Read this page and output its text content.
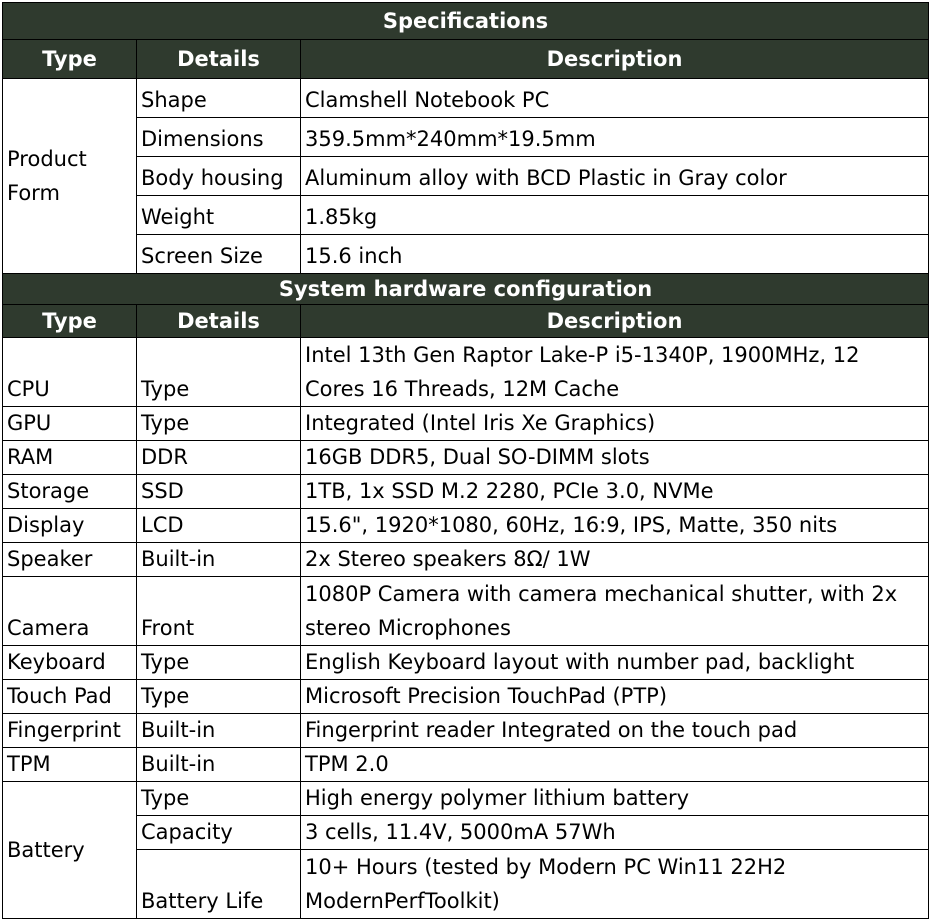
Specifications		
Type	Details	Description
Product Form	Shape	Clamshell Notebook PC
	Dimensions	359.5mm*240mm*19.5mm
	Body housing	Aluminum alloy with BCD Plastic in Gray color
	Weight	1.85kg
	Screen Size	15.6 inch
System hardware configuration		
Type	Details	Description
CPU	Type	Intel 13th Gen Raptor Lake-P i5-1340P, 1900MHz, 12 Cores 16 Threads, 12M Cache
GPU	Type	Integrated (Intel Iris Xe Graphics)
RAM	DDR	16GB DDR5, Dual SO-DIMM slots
Storage	SSD	1TB, 1x SSD M.2 2280, PCIe 3.0, NVMe
Display	LCD	15.6", 1920*1080, 60Hz, 16:9, IPS, Matte, 350 nits
Speaker	Built-in	2x Stereo speakers 8Ω/ 1W
Camera	Front	1080P Camera with camera mechanical shutter, with 2x stereo Microphones
Keyboard	Type	English Keyboard layout with number pad, backlight
Touch Pad	Type	Microsoft Precision TouchPad (PTP)
Fingerprint	Built-in	Fingerprint reader Integrated on the touch pad
TPM	Built-in	TPM 2.0
Battery	Type	High energy polymer lithium battery
	Capacity	3 cells, 11.4V, 5000mA 57Wh
	Battery Life	10+ Hours (tested by Modern PC Win11 22H2 ModernPerfToolkit)
